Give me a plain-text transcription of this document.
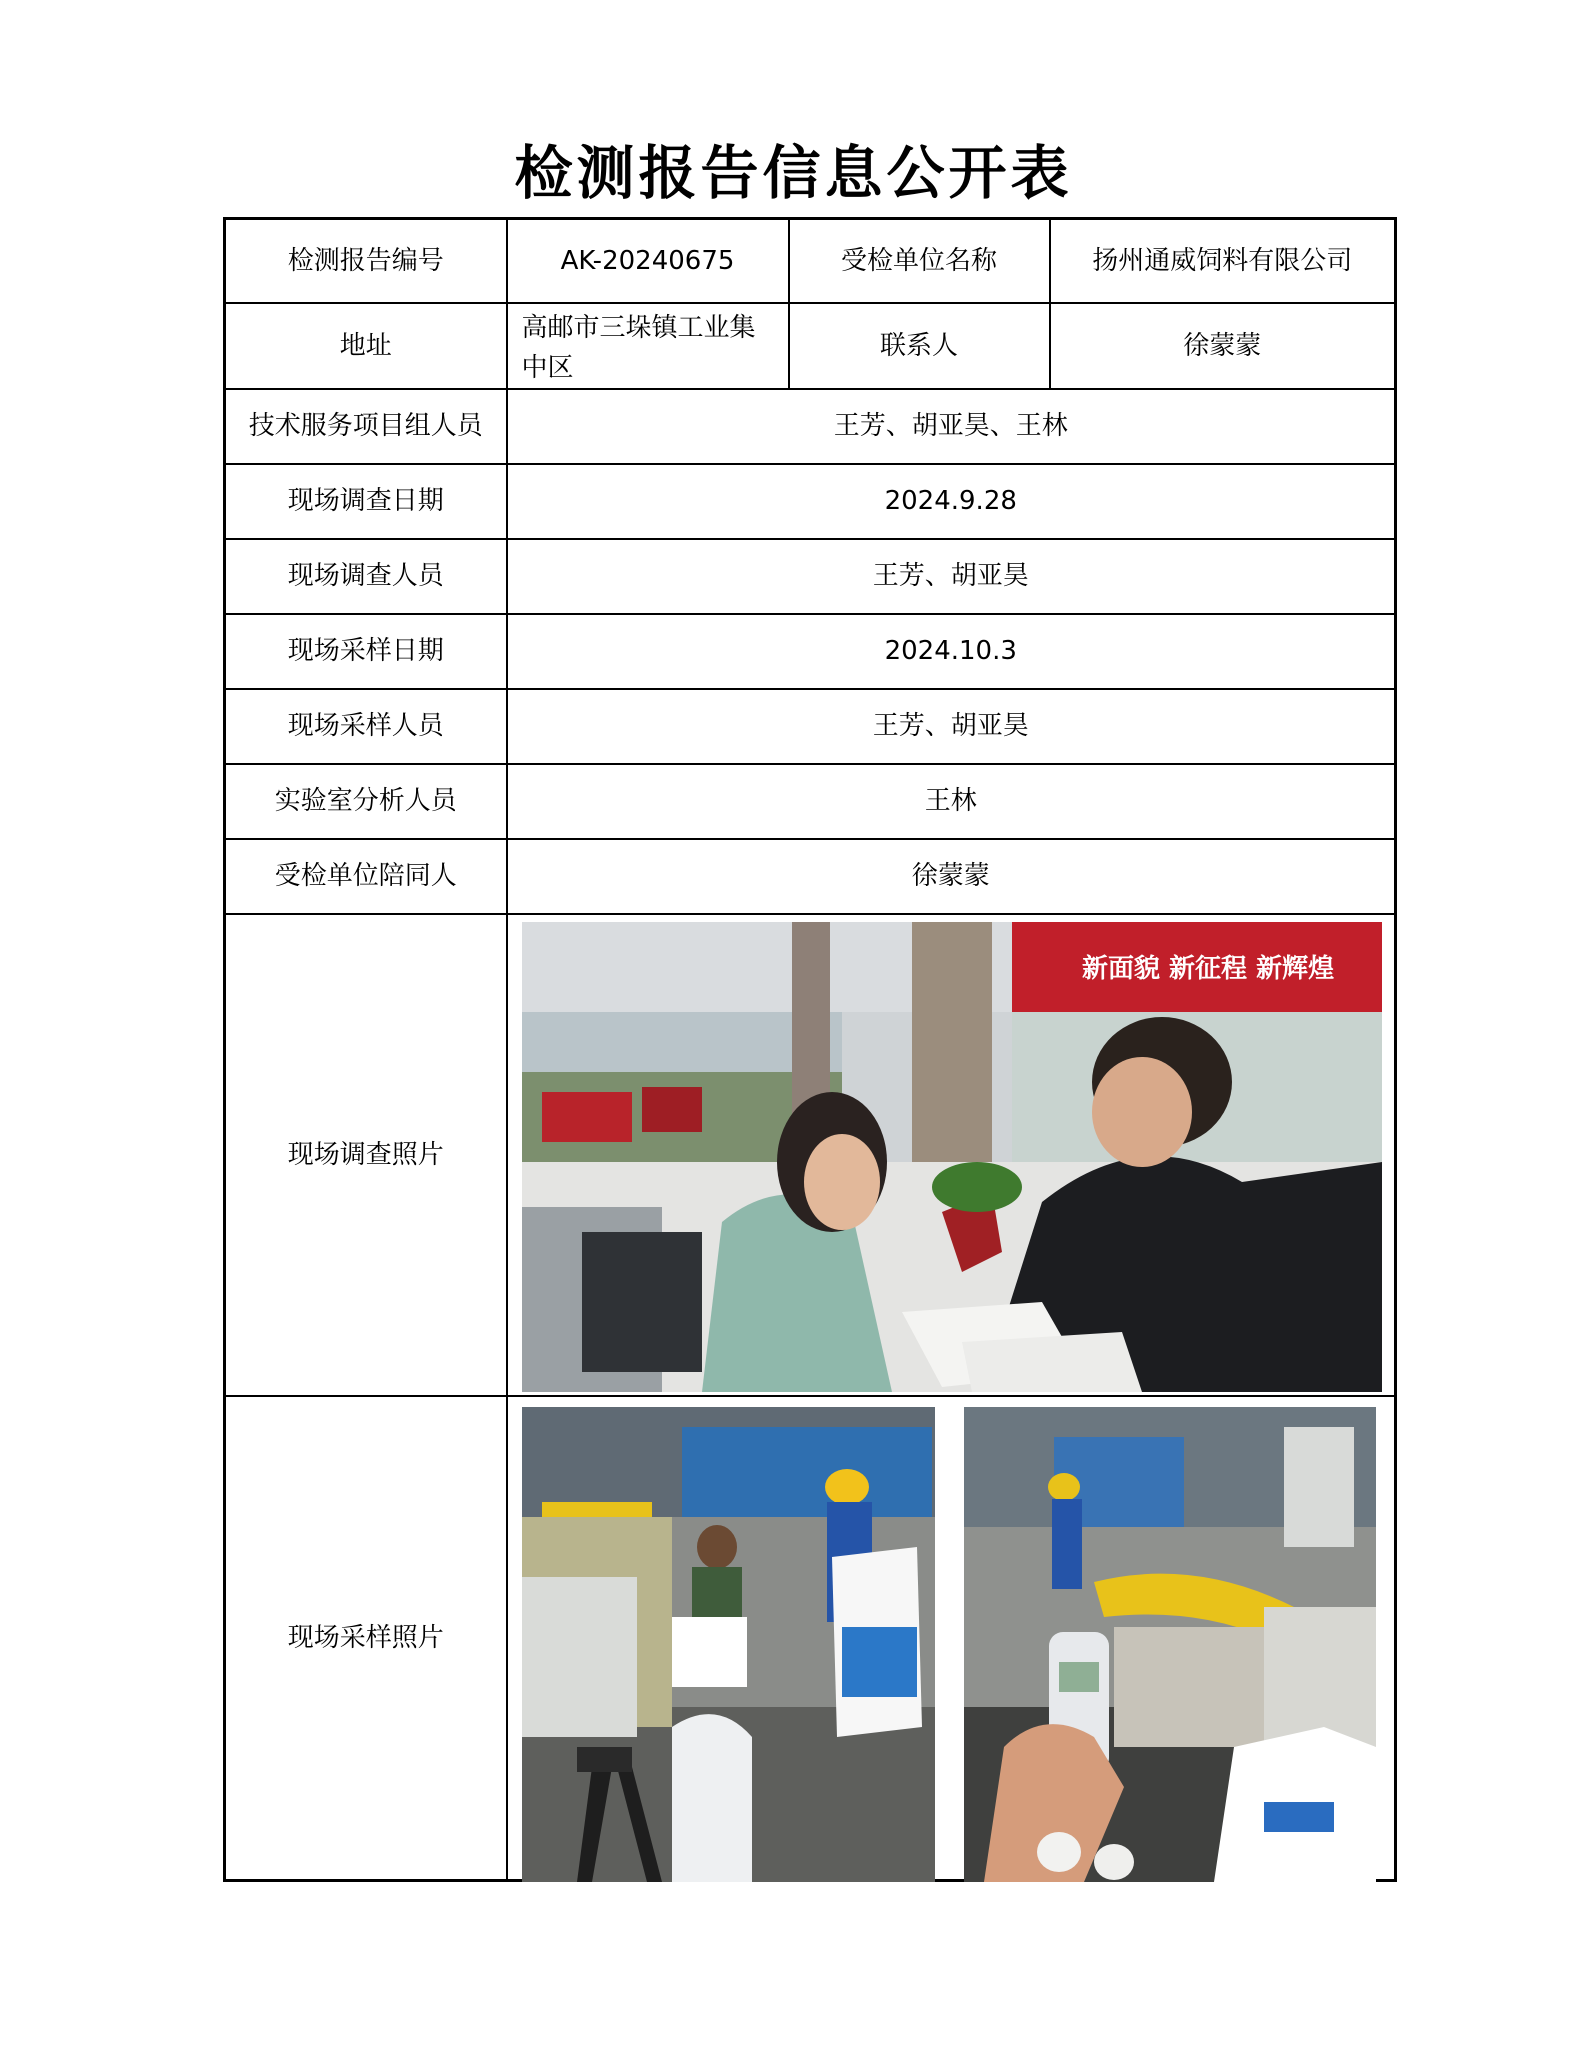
检测报告信息公开表
检测报告编号	AK-20240675	受检单位名称	扬州通威饲料有限公司
地址	高邮市三垛镇工业集中区	联系人	徐蒙蒙
技术服务项目组人员	王芳、胡亚昊、王林		
现场调查日期	2024.9.28		
现场调查人员	王芳、胡亚昊		
现场采样日期	2024.10.3		
现场采样人员	王芳、胡亚昊		
实验室分析人员	王林		
受检单位陪同人	徐蒙蒙		
现场调查照片	新面貌 新征程 新辉煌		

现场采样照片	
